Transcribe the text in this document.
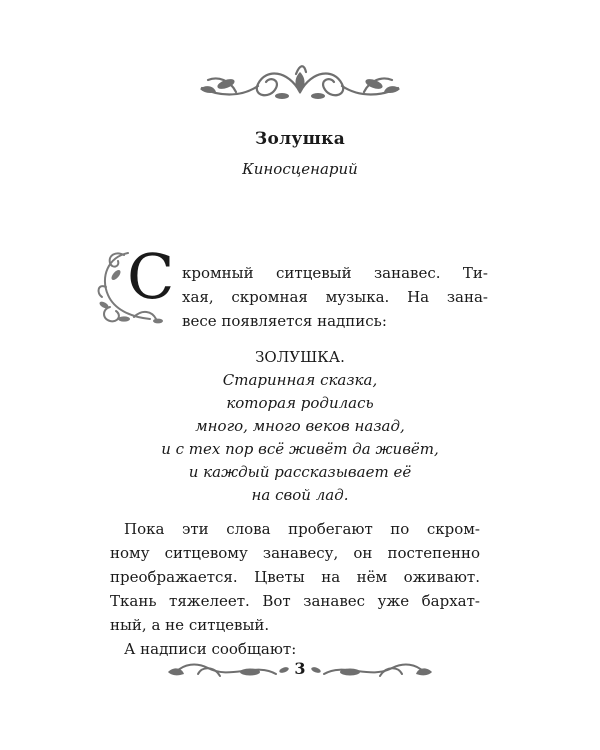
Золушка
Киносценарий
С кромный ситцевый занавес. Ти-
хая, скромная музыка. На зана-
весе появляется надпись:
ЗОЛУШКА.
Старинная сказка,
которая родилась
много, много веков назад,
и с тех пор всё живёт да живёт,
и каждый рассказывает её
на свой лад.
Пока эти слова пробегают по скром-
ному ситцевому занавесу, он постепенно
преображается. Цветы на нём оживают.
Ткань тяжелеет. Вот занавес уже бархат-
ный, а не ситцевый.
А надписи сообщают:
3
